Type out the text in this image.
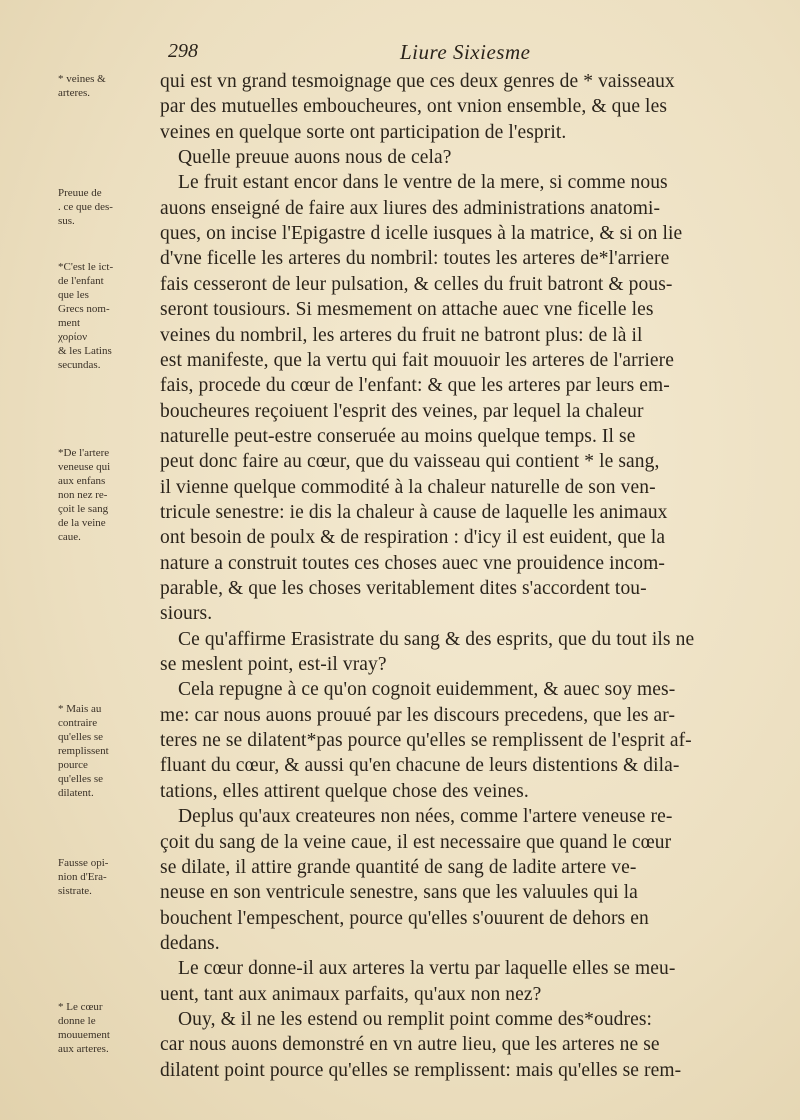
298	Liure Sixiesme
* veines &
arteres.
Preuue de
. ce que des-
sus.
*C'est le ict-
de l'enfant
que les
Grecs nom-
ment
χορίον
& les Latins
secundas.
*De l'artere
veneuse qui
aux enfans
non nez re-
çoit le sang
de la veine
caue.
* Mais au
contraire
qu'elles se
remplissent
pource
qu'elles se
dilatent.
Fausse opi-
nion d'Era-
sistrate.
* Le cœur
donne le
mouuement
aux arteres.
qui est vn grand tesmoignage que ces deux genres de * vaisseaux
par des mutuelles emboucheures, ont vnion ensemble, & que les
veines en quelque sorte ont participation de l'esprit.
Quelle preuue auons nous de cela?
Le fruit estant encor dans le ventre de la mere, si comme nous
auons enseigné de faire aux liures des administrations anatomi-
ques, on incise l'Epigastre d icelle iusques à la matrice, & si on lie
d'vne ficelle les arteres du nombril: toutes les arteres de*l'arriere
fais cesseront de leur pulsation, & celles du fruit batront & pous-
seront tousiours. Si mesmement on attache auec vne ficelle les
veines du nombril, les arteres du fruit ne batront plus: de là il
est manifeste, que la vertu qui fait mouuoir les arteres de l'arriere
fais, procede du cœur de l'enfant: & que les arteres par leurs em-
boucheures reçoiuent l'esprit des veines, par lequel la chaleur
naturelle peut-estre conseruée au moins quelque temps. Il se
peut donc faire au cœur, que du vaisseau qui contient * le sang,
il vienne quelque commodité à la chaleur naturelle de son ven-
tricule senestre: ie dis la chaleur à cause de laquelle les animaux
ont besoin de poulx & de respiration : d'icy il est euident, que la
nature a construit toutes ces choses auec vne prouidence incom-
parable, & que les choses veritablement dites s'accordent tou-
siours.
Ce qu'affirme Erasistrate du sang & des esprits, que du tout ils ne
se meslent point, est-il vray?
Cela repugne à ce qu'on cognoit euidemment, & auec soy mes-
me: car nous auons prouué par les discours precedens, que les ar-
teres ne se dilatent*pas pource qu'elles se remplissent de l'esprit af-
fluant du cœur, & aussi qu'en chacune de leurs distentions & dila-
tations, elles attirent quelque chose des veines.
Deplus qu'aux createures non nées, comme l'artere veneuse re-
çoit du sang de la veine caue, il est necessaire que quand le cœur
se dilate, il attire grande quantité de sang de ladite artere ve-
neuse en son ventricule senestre, sans que les valuules qui la
bouchent l'empeschent, pource qu'elles s'ouurent de dehors en
dedans.
Le cœur donne-il aux arteres la vertu par laquelle elles se meu-
uent, tant aux animaux parfaits, qu'aux non nez?
Ouy, & il ne les estend ou remplit point comme des*oudres:
car nous auons demonstré en vn autre lieu, que les arteres ne se
dilatent point pource qu'elles se remplissent: mais qu'elles se rem-
